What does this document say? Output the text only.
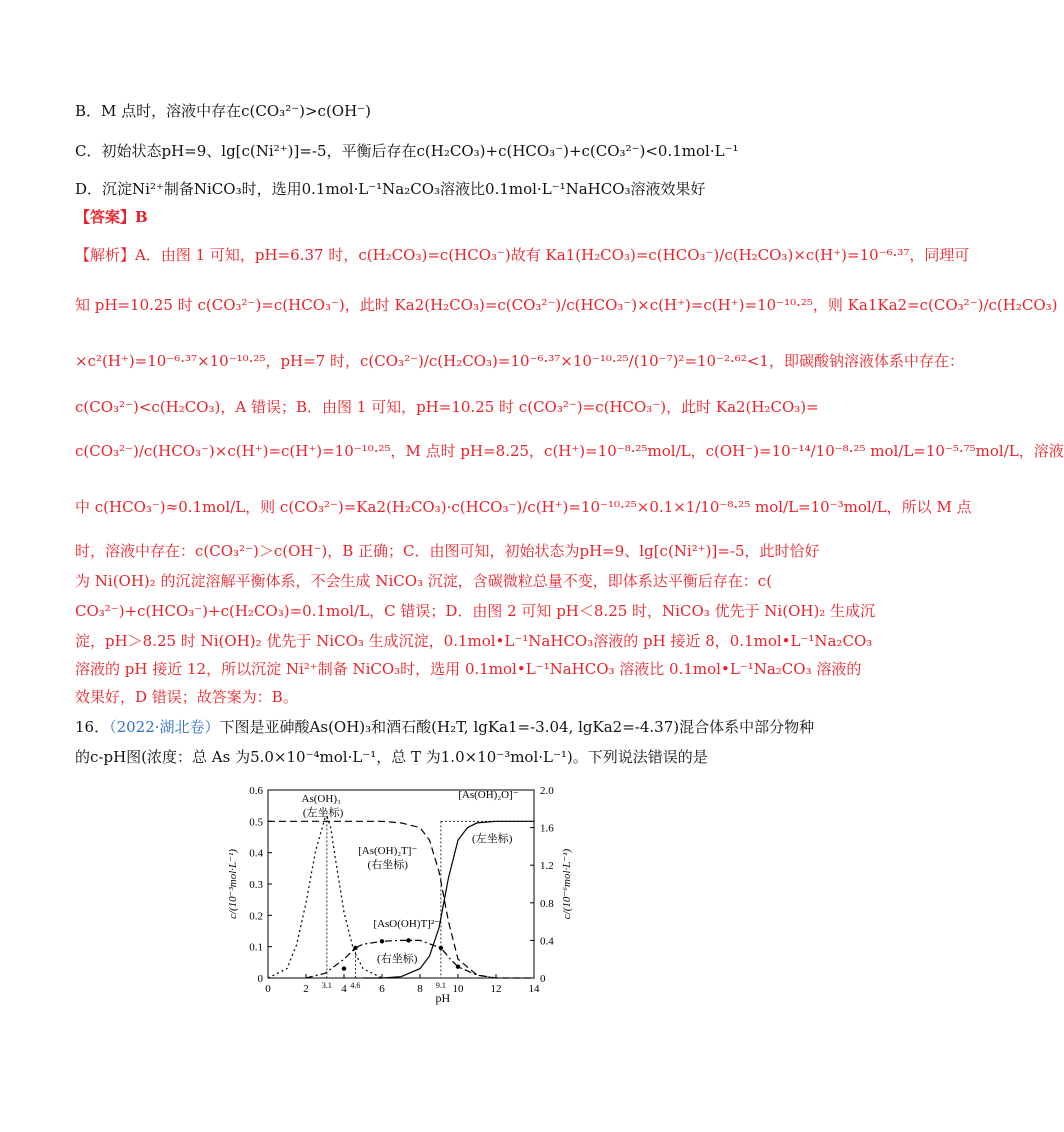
B．M 点时，溶液中存在c(CO₃²⁻)>c(OH⁻)
C．初始状态pH=9、lg[c(Ni²⁺)]=-5，平衡后存在c(H₂CO₃)+c(HCO₃⁻)+c(CO₃²⁻)<0.1mol·L⁻¹
D．沉淀Ni²⁺制备NiCO₃时，选用0.1mol·L⁻¹Na₂CO₃溶液比0.1mol·L⁻¹NaHCO₃溶液效果好
【答案】B
【解析】A．由图 1 可知，pH=6.37 时，c(H₂CO₃)=c(HCO₃⁻)故有 Ka1(H₂CO₃)=c(HCO₃⁻)/c(H₂CO₃)×c(H⁺)=10⁻⁶·³⁷，同理可
知 pH=10.25 时 c(CO₃²⁻)=c(HCO₃⁻)，此时 Ka2(H₂CO₃)=c(CO₃²⁻)/c(HCO₃⁻)×c(H⁺)=c(H⁺)=10⁻¹⁰·²⁵，则 Ka1Ka2=c(CO₃²⁻)/c(H₂CO₃)
×c²(H⁺)=10⁻⁶·³⁷×10⁻¹⁰·²⁵，pH=7 时，c(CO₃²⁻)/c(H₂CO₃)=10⁻⁶·³⁷×10⁻¹⁰·²⁵/(10⁻⁷)²=10⁻²·⁶²<1，即碳酸钠溶液体系中存在：
c(CO₃²⁻)<c(H₂CO₃)，A 错误；B．由图 1 可知，pH=10.25 时 c(CO₃²⁻)=c(HCO₃⁻)，此时 Ka2(H₂CO₃)=
c(CO₃²⁻)/c(HCO₃⁻)×c(H⁺)=c(H⁺)=10⁻¹⁰·²⁵，M 点时 pH=8.25，c(H⁺)=10⁻⁸·²⁵mol/L，c(OH⁻)=10⁻¹⁴/10⁻⁸·²⁵ mol/L=10⁻⁵·⁷⁵mol/L，溶液
中 c(HCO₃⁻)≈0.1mol/L，则 c(CO₃²⁻)=Ka2(H₂CO₃)·c(HCO₃⁻)/c(H⁺)=10⁻¹⁰·²⁵×0.1×1/10⁻⁸·²⁵ mol/L=10⁻³mol/L，所以 M 点
时，溶液中存在：c(CO₃²⁻)＞c(OH⁻)，B 正确；C．由图可知，初始状态为pH=9、lg[c(Ni²⁺)]=-5，此时恰好
为 Ni(OH)₂ 的沉淀溶解平衡体系，不会生成 NiCO₃ 沉淀，含碳微粒总量不变，即体系达平衡后存在：c(
CO₃²⁻)+c(HCO₃⁻)+c(H₂CO₃)=0.1mol/L，C 错误；D．由图 2 可知 pH＜8.25 时，NiCO₃ 优先于 Ni(OH)₂ 生成沉
淀，pH＞8.25 时 Ni(OH)₂ 优先于 NiCO₃ 生成沉淀，0.1mol•L⁻¹NaHCO₃溶液的 pH 接近 8，0.1mol•L⁻¹Na₂CO₃
溶液的 pH 接近 12，所以沉淀 Ni²⁺制备 NiCO₃时，选用 0.1mol•L⁻¹NaHCO₃ 溶液比 0.1mol•L⁻¹Na₂CO₃ 溶液的
效果好，D 错误；故答案为：B。
16．（2022·湖北卷）下图是亚砷酸As(OH)₃和酒石酸(H₂T, lgKa1=-3.04, lgKa2=-4.37)混合体系中部分物种
的c-pH图(浓度：总 As 为5.0×10⁻⁴mol·L⁻¹，总 T 为1.0×10⁻³mol·L⁻¹)。下列说法错误的是
0	2	4	6	8	10 12 14
0
0.1
0.2
0.3
0.4
0.5
0.6
0
0.4
0.8
1.2
1.6
2.0
pH
c/(10⁻³mol·L⁻¹)	c/(10⁻⁶mol·L⁻¹)
3.1 4.6	9.1
As(OH)₃
(左坐标)
[As(OH)₂T]⁻
(右坐标)
[As(OH)₂O]⁻
(左坐标)
[AsO(OH)T]²⁻
(右坐标)
